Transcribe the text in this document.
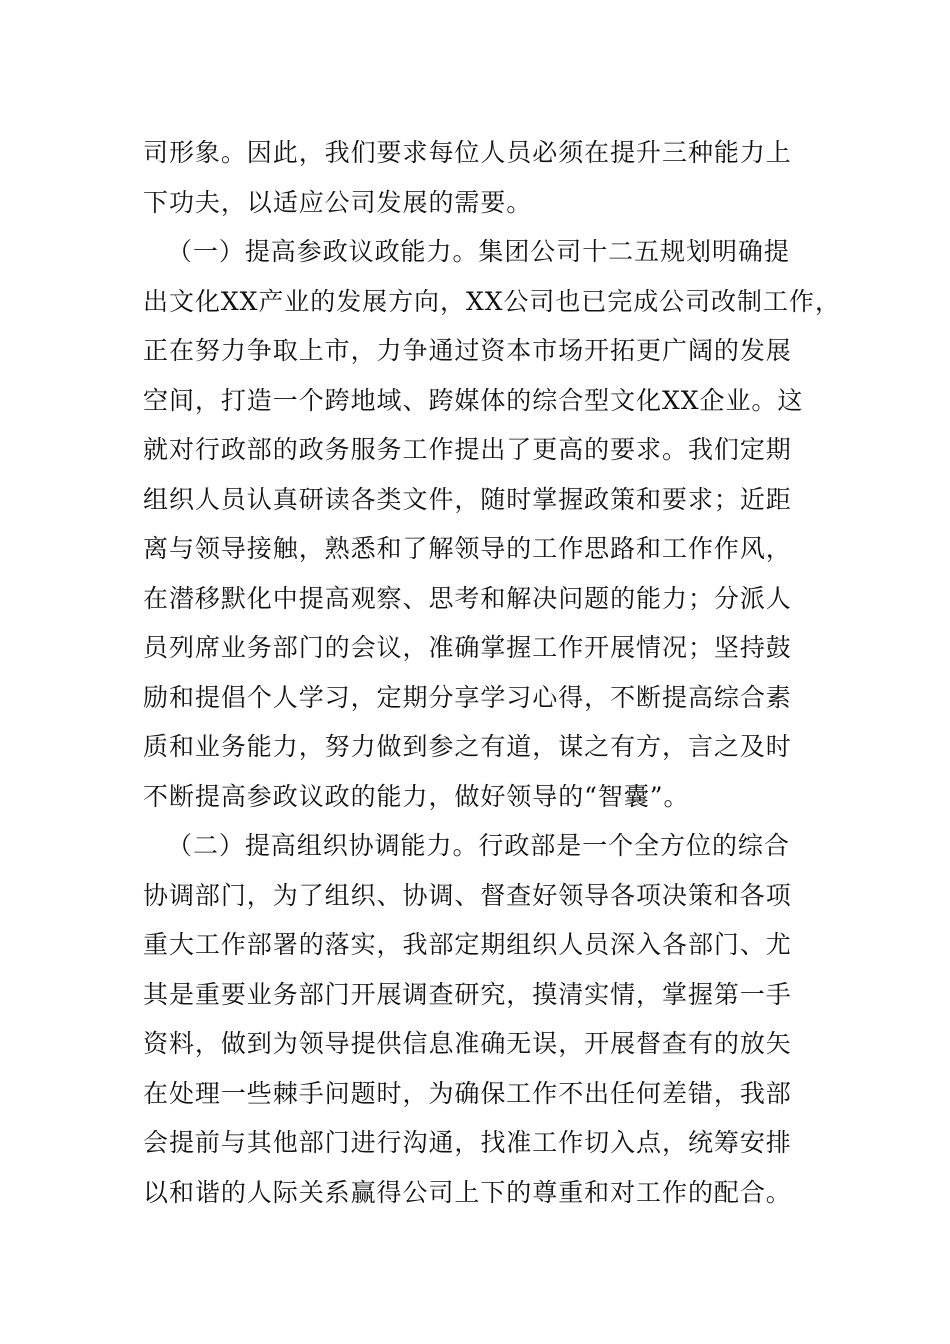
司形象。因此，我们要求每位人员必须在提升三种能力上
下功夫，以适应公司发展的需要。
（一）提高参政议政能力。集团公司十二五规划明确提
出文化XX产业的发展方向，XX公司也已完成公司改制工作，
正在努力争取上市，力争通过资本市场开拓更广阔的发展
空间，打造一个跨地域、跨媒体的综合型文化XX企业。这
就对行政部的政务服务工作提出了更高的要求。我们定期
组织人员认真研读各类文件，随时掌握政策和要求；近距
离与领导接触，熟悉和了解领导的工作思路和工作作风，
在潜移默化中提高观察、思考和解决问题的能力；分派人
员列席业务部门的会议，准确掌握工作开展情况；坚持鼓
励和提倡个人学习，定期分享学习心得，不断提高综合素
质和业务能力，努力做到参之有道，谋之有方，言之及时
不断提高参政议政的能力，做好领导的“智囊”。
（二）提高组织协调能力。行政部是一个全方位的综合
协调部门，为了组织、协调、督查好领导各项决策和各项
重大工作部署的落实，我部定期组织人员深入各部门、尤
其是重要业务部门开展调查研究，摸清实情，掌握第一手
资料，做到为领导提供信息准确无误，开展督查有的放矢
在处理一些棘手问题时，为确保工作不出任何差错，我部
会提前与其他部门进行沟通，找准工作切入点，统筹安排
以和谐的人际关系赢得公司上下的尊重和对工作的配合。
